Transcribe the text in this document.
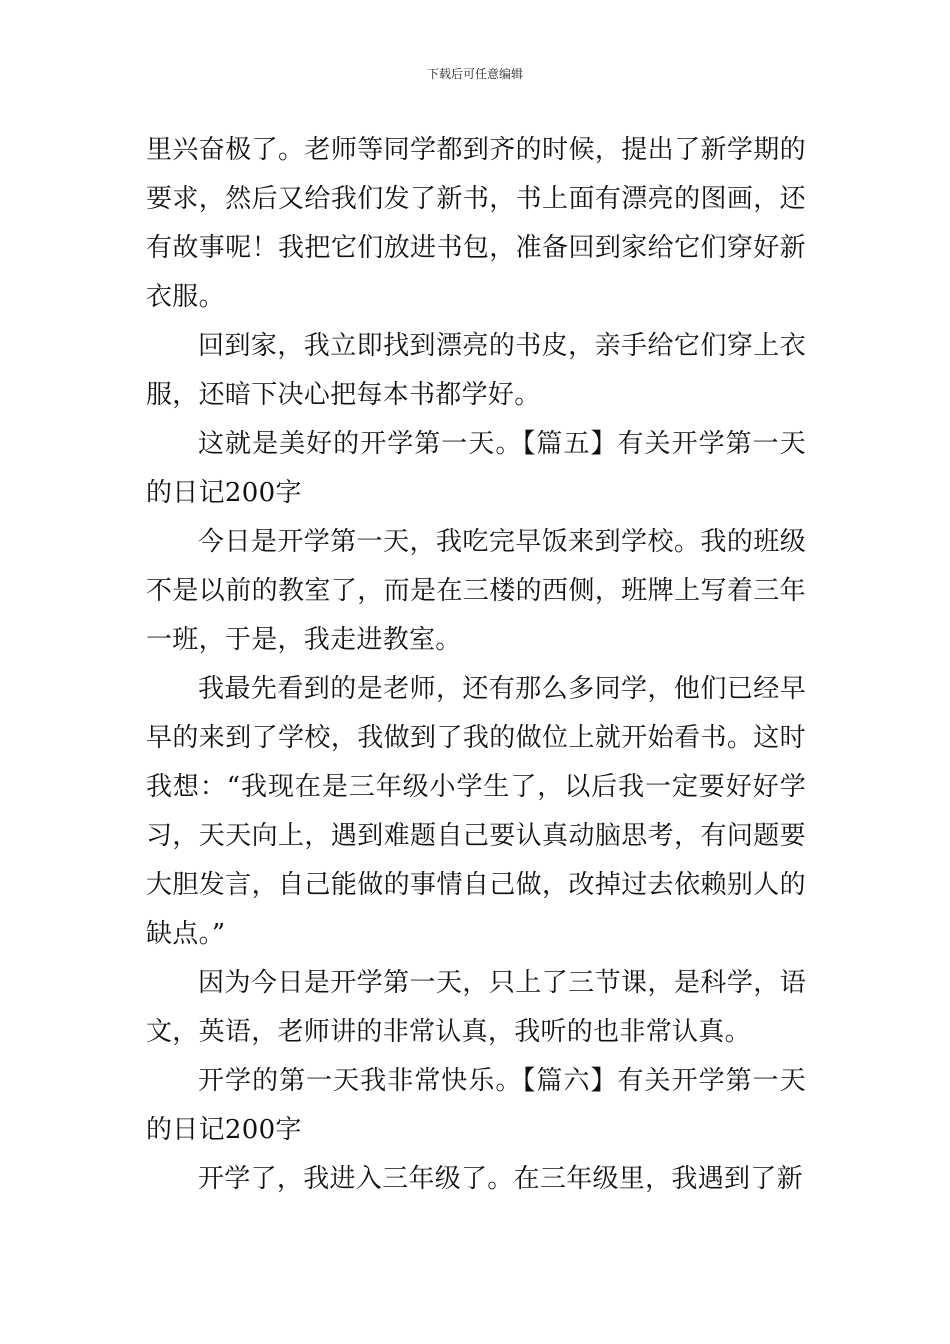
下载后可任意编辑

里兴奋极了。老师等同学都到齐的时候，提出了新学期的要求，然后又给我们发了新书，书上面有漂亮的图画，还有故事呢！我把它们放进书包，准备回到家给它们穿好新衣服。

回到家，我立即找到漂亮的书皮，亲手给它们穿上衣服，还暗下决心把每本书都学好。

这就是美好的开学第一天。【篇五】有关开学第一天的日记200字

今日是开学第一天，我吃完早饭来到学校。我的班级不是以前的教室了，而是在三楼的西侧，班牌上写着三年一班，于是，我走进教室。

我最先看到的是老师，还有那么多同学，他们已经早早的来到了学校，我做到了我的做位上就开始看书。这时我想：“我现在是三年级小学生了，以后我一定要好好学习，天天向上，遇到难题自己要认真动脑思考，有问题要大胆发言，自己能做的事情自己做，改掉过去依赖别人的缺点。”

因为今日是开学第一天，只上了三节课，是科学，语文，英语，老师讲的非常认真，我听的也非常认真。

开学的第一天我非常快乐。【篇六】有关开学第一天的日记200字

开学了，我进入三年级了。在三年级里，我遇到了新
